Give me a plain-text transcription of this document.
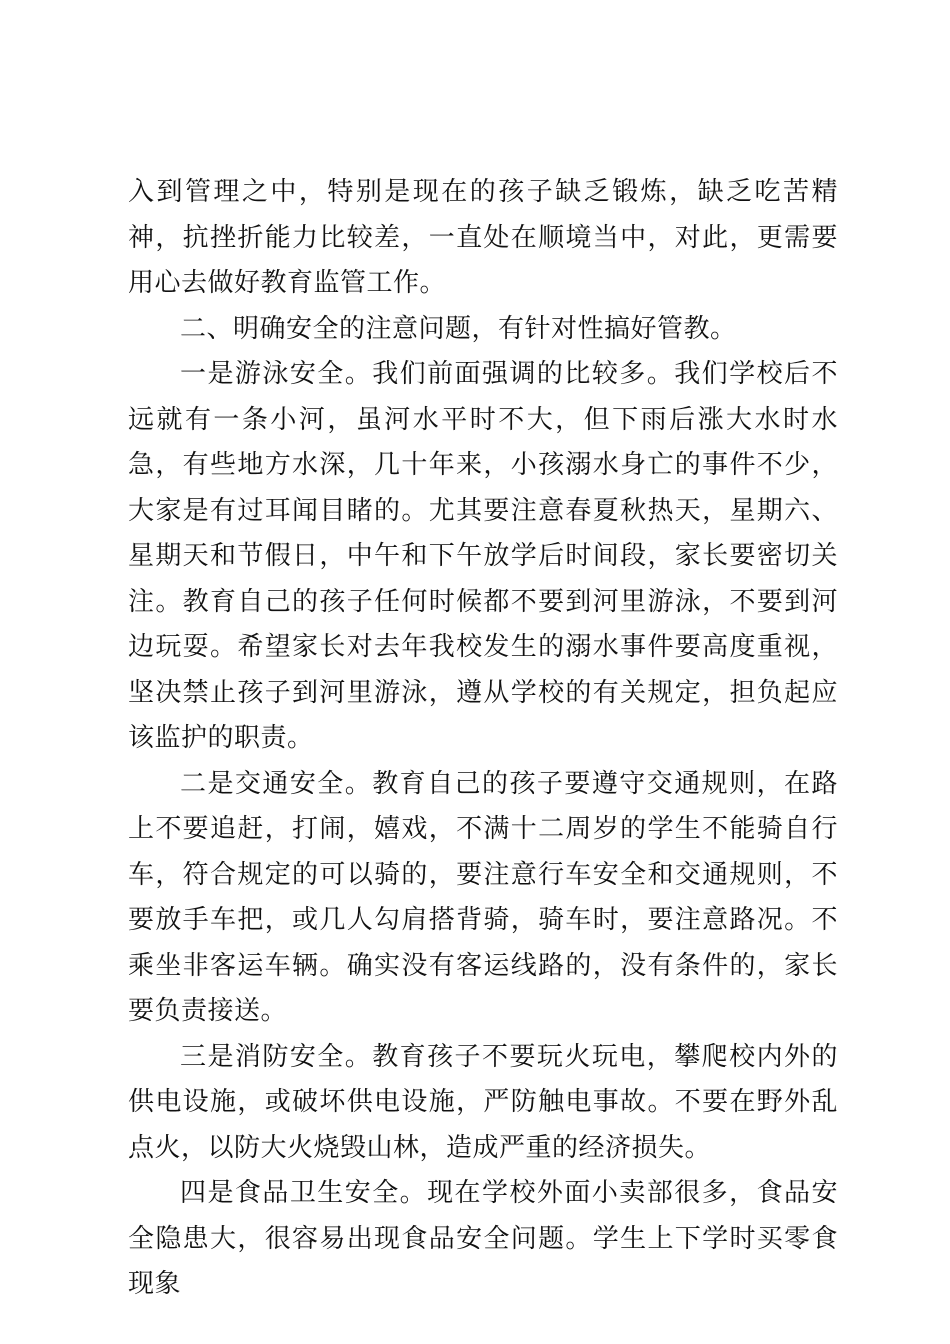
入到管理之中，特别是现在的孩子缺乏锻炼，缺乏吃苦精神，抗挫折能力比较差，一直处在顺境当中，对此，更需要用心去做好教育监管工作。

二、明确安全的注意问题，有针对性搞好管教。

一是游泳安全。我们前面强调的比较多。我们学校后不远就有一条小河，虽河水平时不大，但下雨后涨大水时水急，有些地方水深，几十年来，小孩溺水身亡的事件不少，大家是有过耳闻目睹的。尤其要注意春夏秋热天，星期六、星期天和节假日，中午和下午放学后时间段，家长要密切关注。教育自己的孩子任何时候都不要到河里游泳，不要到河边玩耍。希望家长对去年我校发生的溺水事件要高度重视，坚决禁止孩子到河里游泳，遵从学校的有关规定，担负起应该监护的职责。

二是交通安全。教育自己的孩子要遵守交通规则，在路上不要追赶，打闹，嬉戏，不满十二周岁的学生不能骑自行车，符合规定的可以骑的，要注意行车安全和交通规则，不要放手车把，或几人勾肩搭背骑，骑车时，要注意路况。不乘坐非客运车辆。确实没有客运线路的，没有条件的，家长要负责接送。

三是消防安全。教育孩子不要玩火玩电，攀爬校内外的供电设施，或破坏供电设施，严防触电事故。不要在野外乱点火，以防大火烧毁山林，造成严重的经济损失。

四是食品卫生安全。现在学校外面小卖部很多，食品安全隐患大，很容易出现食品安全问题。学生上下学时买零食现象
